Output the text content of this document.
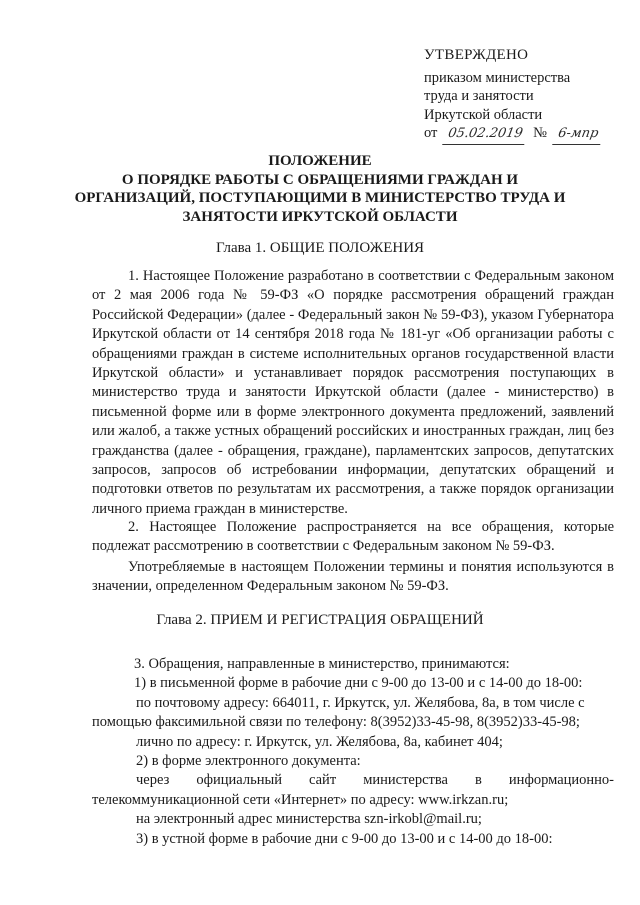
УТВЕРЖДЕНО
приказом министерства
труда и занятости
Иркутской области
от 05.02.2019 № 6-мпр
ПОЛОЖЕНИЕ
О ПОРЯДКЕ РАБОТЫ С ОБРАЩЕНИЯМИ ГРАЖДАН И
ОРГАНИЗАЦИЙ, ПОСТУПАЮЩИМИ В МИНИСТЕРСТВО ТРУДА И
ЗАНЯТОСТИ ИРКУТСКОЙ ОБЛАСТИ
Глава 1. ОБЩИЕ ПОЛОЖЕНИЯ

1. Настоящее Положение разработано в соответствии с Федеральным законом от 2 мая 2006 года № 59-ФЗ «О порядке рассмотрения обращений граждан Российской Федерации» (далее - Федеральный закон № 59-ФЗ), указом Губернатора Иркутской области от 14 сентября 2018 года № 181-уг «Об организации работы с обращениями граждан в системе исполнительных органов государственной власти Иркутской области» и устанавливает порядок рассмотрения поступающих в министерство труда и занятости Иркутской области (далее - министерство) в письменной форме или в форме электронного документа предложений, заявлений или жалоб, а также устных обращений российских и иностранных граждан, лиц без гражданства (далее - обращения, граждане), парламентских запросов, депутатских запросов, запросов об истребовании информации, депутатских обращений и подготовки ответов по результатам их рассмотрения, а также порядок организации личного приема граждан в министерстве.

2. Настоящее Положение распространяется на все обращения, которые подлежат рассмотрению в соответствии с Федеральным законом № 59-ФЗ.

Употребляемые в настоящем Положении термины и понятия используются в значении, определенном Федеральным законом № 59-ФЗ.

Глава 2. ПРИЕМ И РЕГИСТРАЦИЯ ОБРАЩЕНИЙ
3. Обращения, направленные в министерство, принимаются:
1) в письменной форме в рабочие дни с 9-00 до 13-00 и с 14-00 до 18-00:
по почтовому адресу: 664011, г. Иркутск, ул. Желябова, 8а, в том числе с
помощью факсимильной связи по телефону: 8(3952)33-45-98, 8(3952)33-45-98;
лично по адресу: г. Иркутск, ул. Желябова, 8а, кабинет 404;
2) в форме электронного документа:
через официальный сайт министерства в информационно-
телекоммуникационной сети «Интернет» по адресу: www.irkzan.ru;
на электронный адрес министерства szn-irkobl@mail.ru;
3) в устной форме в рабочие дни с 9-00 до 13-00 и с 14-00 до 18-00:
